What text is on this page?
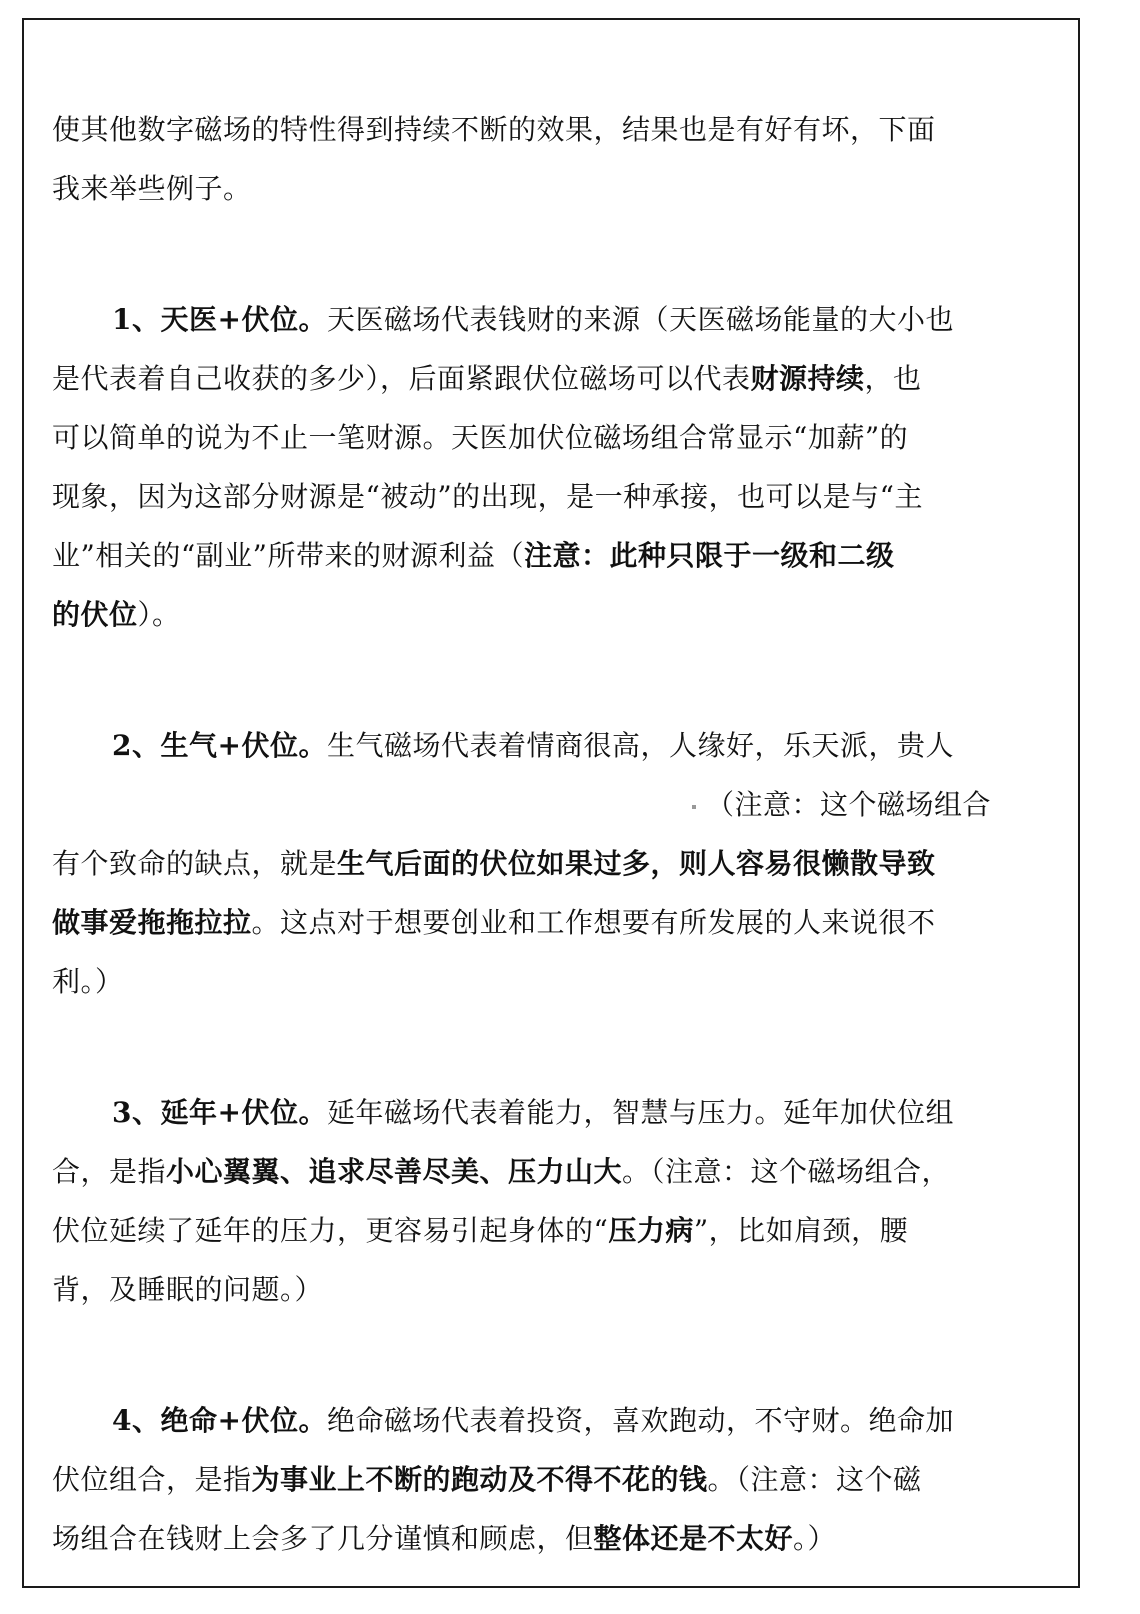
使其他数字磁场的特性得到持续不断的效果，结果也是有好有坏，下面
我来举些例子。
1、天医+伏位。天医磁场代表钱财的来源（天医磁场能量的大小也
是代表着自己收获的多少），后面紧跟伏位磁场可以代表财源持续，也
可以简单的说为不止一笔财源。天医加伏位磁场组合常显示“加薪”的
现象，因为这部分财源是“被动”的出现，是一种承接，也可以是与“主
业”相关的“副业”所带来的财源利益（注意：此种只限于一级和二级
的伏位）。
2、生气+伏位。生气磁场代表着情商很高，人缘好，乐天派，贵人
（注意：这个磁场组合
有个致命的缺点，就是生气后面的伏位如果过多，则人容易很懒散导致
做事爱拖拖拉拉。这点对于想要创业和工作想要有所发展的人来说很不
利。）
3、延年+伏位。延年磁场代表着能力，智慧与压力。延年加伏位组
合，是指小心翼翼、追求尽善尽美、压力山大。（注意：这个磁场组合，
伏位延续了延年的压力，更容易引起身体的“压力病”，比如肩颈，腰
背，及睡眠的问题。）
4、绝命+伏位。绝命磁场代表着投资，喜欢跑动，不守财。绝命加
伏位组合，是指为事业上不断的跑动及不得不花的钱。（注意：这个磁
场组合在钱财上会多了几分谨慎和顾虑，但整体还是不太好。）
